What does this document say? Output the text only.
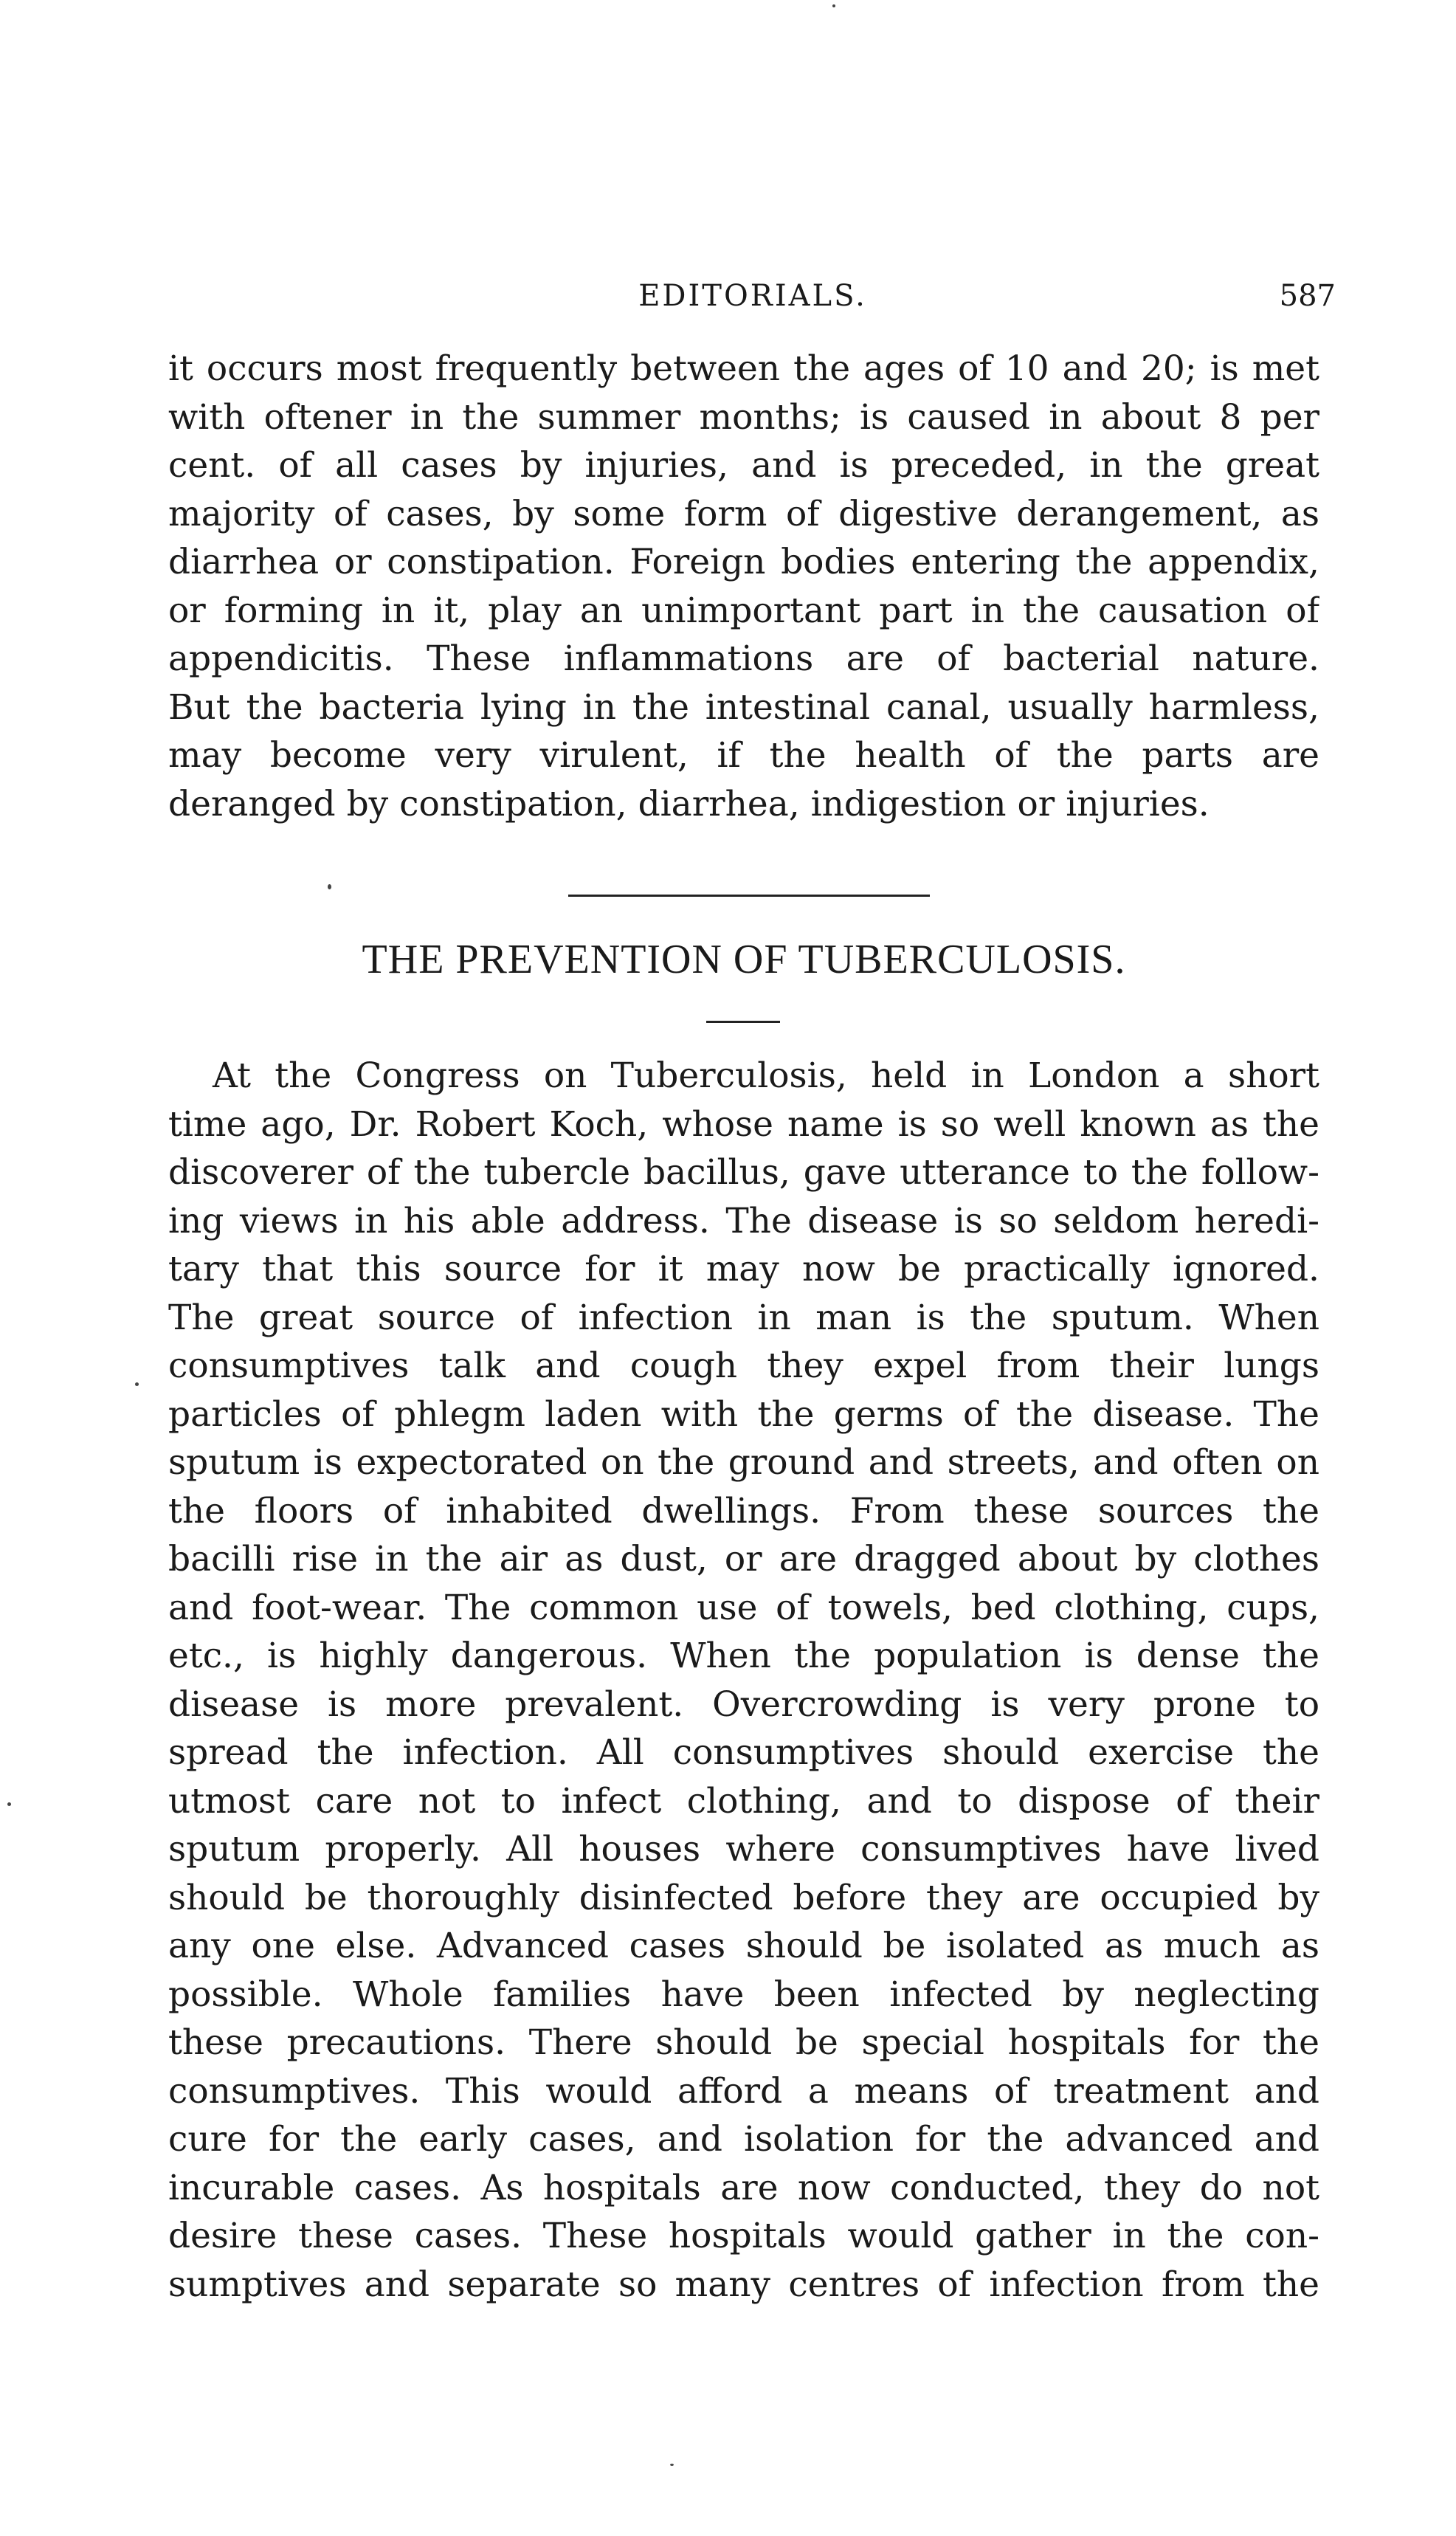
EDITORIALS.	587
it occurs most frequently between the ages of 10 and 20; is met
with oftener in the summer months; is caused in about 8 per
cent. of all cases by injuries, and is preceded, in the great
majority of cases, by some form of digestive derangement, as
diarrhea or constipation. Foreign bodies entering the appendix,
or forming in it, play an unimportant part in the causation of
appendicitis. These inflammations are of bacterial nature.
But the bacteria lying in the intestinal canal, usually harmless,
may become very virulent, if the health of the parts are
deranged by constipation, diarrhea, indigestion or injuries.
THE PREVENTION OF TUBERCULOSIS.
At the Congress on Tuberculosis, held in London a short
time ago, Dr. Robert Koch, whose name is so well known as the
discoverer of the tubercle bacillus, gave utterance to the follow-
ing views in his able address. The disease is so seldom heredi-
tary that this source for it may now be practically ignored.
The great source of infection in man is the sputum. When
consumptives talk and cough they expel from their lungs
particles of phlegm laden with the germs of the disease. The
sputum is expectorated on the ground and streets, and often on
the floors of inhabited dwellings. From these sources the
bacilli rise in the air as dust, or are dragged about by clothes
and foot-wear. The common use of towels, bed clothing, cups,
etc., is highly dangerous. When the population is dense the
disease is more prevalent. Overcrowding is very prone to
spread the infection. All consumptives should exercise the
utmost care not to infect clothing, and to dispose of their
sputum properly. All houses where consumptives have lived
should be thoroughly disinfected before they are occupied by
any one else. Advanced cases should be isolated as much as
possible. Whole families have been infected by neglecting
these precautions. There should be special hospitals for the
consumptives. This would afford a means of treatment and
cure for the early cases, and isolation for the advanced and
incurable cases. As hospitals are now conducted, they do not
desire these cases. These hospitals would gather in the con-
sumptives and separate so many centres of infection from the
